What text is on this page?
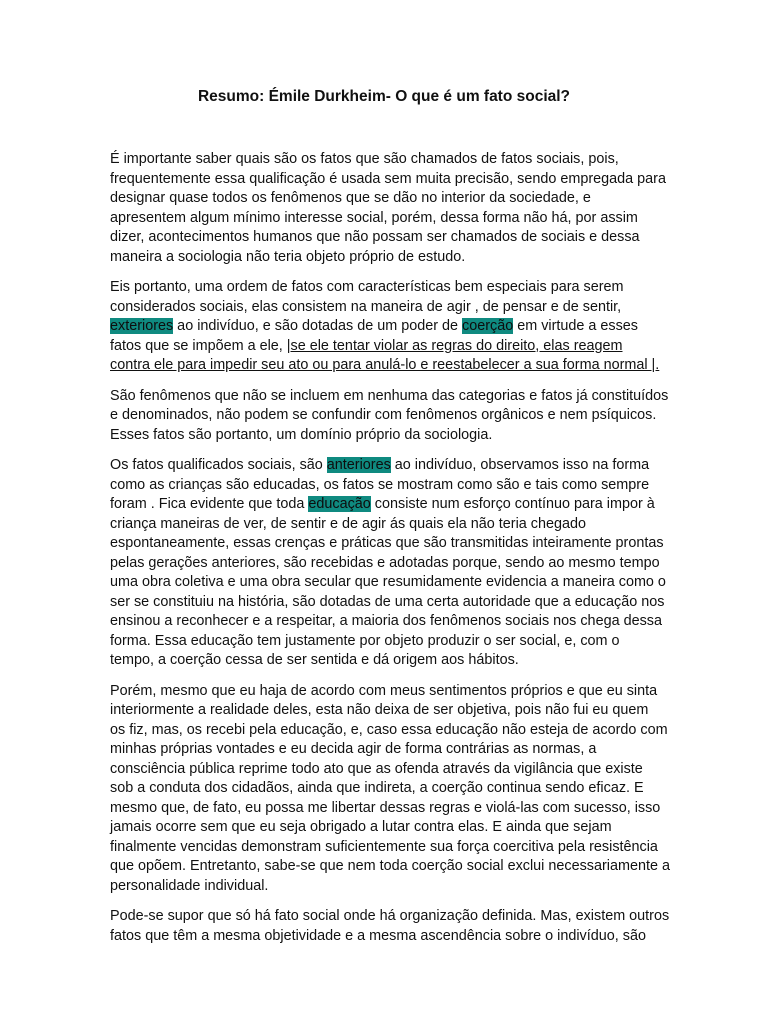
Resumo: Émile Durkheim- O que é um fato social?
É importante saber quais são os fatos que são chamados de fatos sociais, pois,
frequentemente essa qualificação é usada sem muita precisão, sendo empregada para
designar quase todos os fenômenos que se dão no interior da sociedade, e
apresentem algum mínimo interesse social, porém, dessa forma não há, por assim
dizer, acontecimentos humanos que não possam ser chamados de sociais e dessa
maneira a sociologia não teria objeto próprio de estudo.
Eis portanto, uma ordem de fatos com características bem especiais para serem
considerados sociais, elas consistem na maneira de agir , de pensar e de sentir,
exteriores ao indivíduo, e são dotadas de um poder de coerção em virtude a esses
fatos que se impõem a ele, |se ele tentar violar as regras do direito, elas reagem
contra ele para impedir seu ato ou para anulá-lo e reestabelecer a sua forma normal |.
São fenômenos que não se incluem em nenhuma das categorias e fatos já constituídos
e denominados, não podem se confundir com fenômenos orgânicos e nem psíquicos.
Esses fatos são portanto, um domínio próprio da sociologia.
Os fatos qualificados sociais, são anteriores ao indivíduo, observamos isso na forma
como as crianças são educadas, os fatos se mostram como são e tais como sempre
foram . Fica evidente que toda educação consiste num esforço contínuo para impor à
criança maneiras de ver, de sentir e de agir ás quais ela não teria chegado
espontaneamente, essas crenças e práticas que são transmitidas inteiramente prontas
pelas gerações anteriores, são recebidas e adotadas porque, sendo ao mesmo tempo
uma obra coletiva e uma obra secular que resumidamente evidencia a maneira como o
ser se constituiu na história, são dotadas de uma certa autoridade que a educação nos
ensinou a reconhecer e a respeitar, a maioria dos fenômenos sociais nos chega dessa
forma. Essa educação tem justamente por objeto produzir o ser social, e, com o
tempo, a coerção cessa de ser sentida e dá origem aos hábitos.
Porém, mesmo que eu haja de acordo com meus sentimentos próprios e que eu sinta
interiormente a realidade deles, esta não deixa de ser objetiva, pois não fui eu quem
os fiz, mas, os recebi pela educação, e, caso essa educação não esteja de acordo com
minhas próprias vontades e eu decida agir de forma contrárias as normas, a
consciência pública reprime todo ato que as ofenda através da vigilância que existe
sob a conduta dos cidadãos, ainda que indireta, a coerção continua sendo eficaz. E
mesmo que, de fato, eu possa me libertar dessas regras e violá-las com sucesso, isso
jamais ocorre sem que eu seja obrigado a lutar contra elas. E ainda que sejam
finalmente vencidas demonstram suficientemente sua força coercitiva pela resistência
que opõem. Entretanto, sabe-se que nem toda coerção social exclui necessariamente a
personalidade individual.
Pode-se supor que só há fato social onde há organização definida. Mas, existem outros
fatos que têm a mesma objetividade e a mesma ascendência sobre o indivíduo, são
